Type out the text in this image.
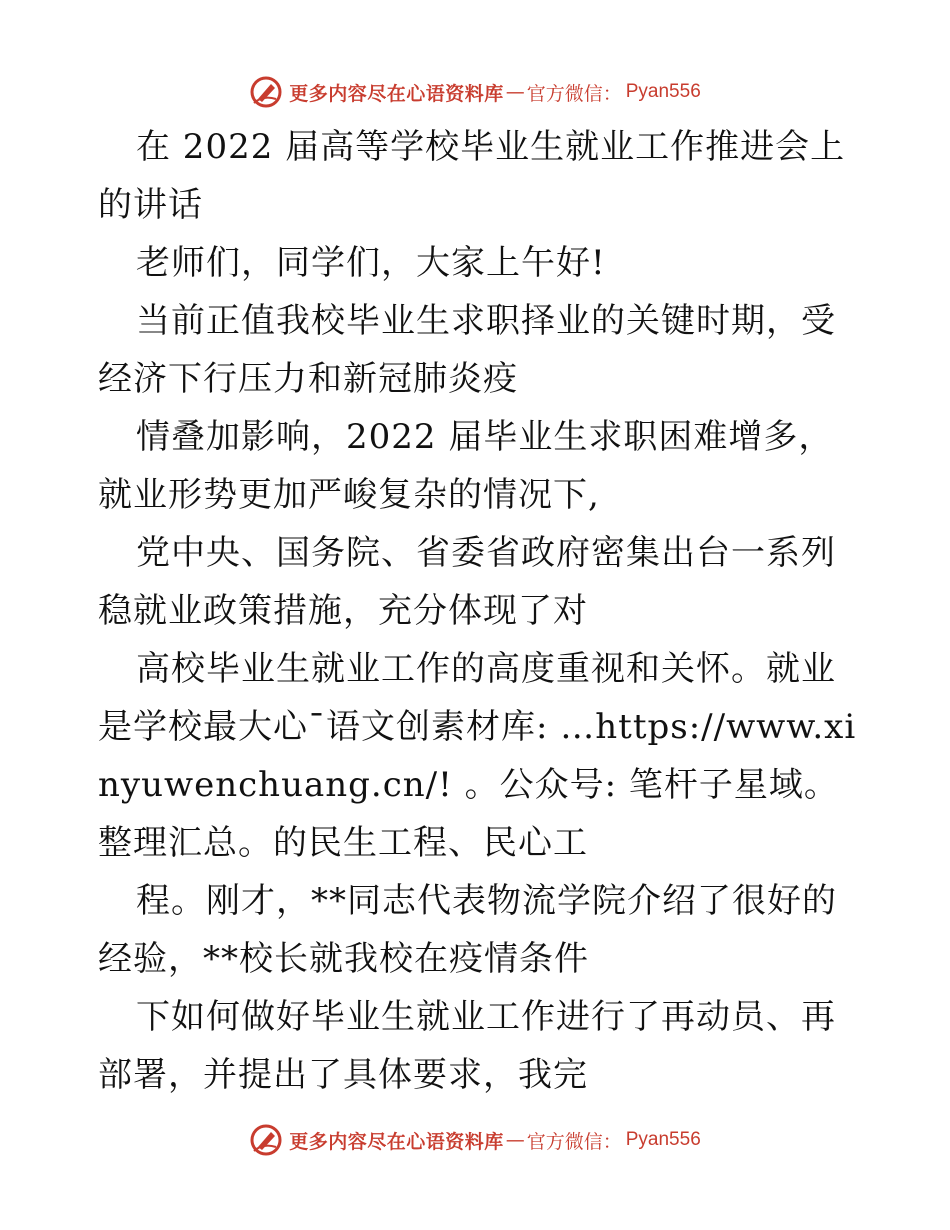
更多内容尽在心语资料库 — 官方微信： Pyan556

在 2022 届高等学校毕业生就业工作推进会上的讲话

老师们，同学们，大家上午好!

当前正值我校毕业生求职择业的关键时期，受经济下行压力和新冠肺炎疫

情叠加影响，2022 届毕业生求职困难增多，就业形势更加严峻复杂的情况下,

党中央、国务院、省委省政府密集出台一系列稳就业政策措施，充分体现了对

高校毕业生就业工作的高度重视和关怀。就业是学校最大心¯语文创素材库: …https://www.xinyuwenchuang.cn/! 。公众号: 笔杆子星域。整理汇总。的民生工程、民心工

程。刚才，**同志代表物流学院介绍了很好的经验，**校长就我校在疫情条件

下如何做好毕业生就业工作进行了再动员、再部署，并提出了具体要求，我完

更多内容尽在心语资料库 — 官方微信： Pyan556
